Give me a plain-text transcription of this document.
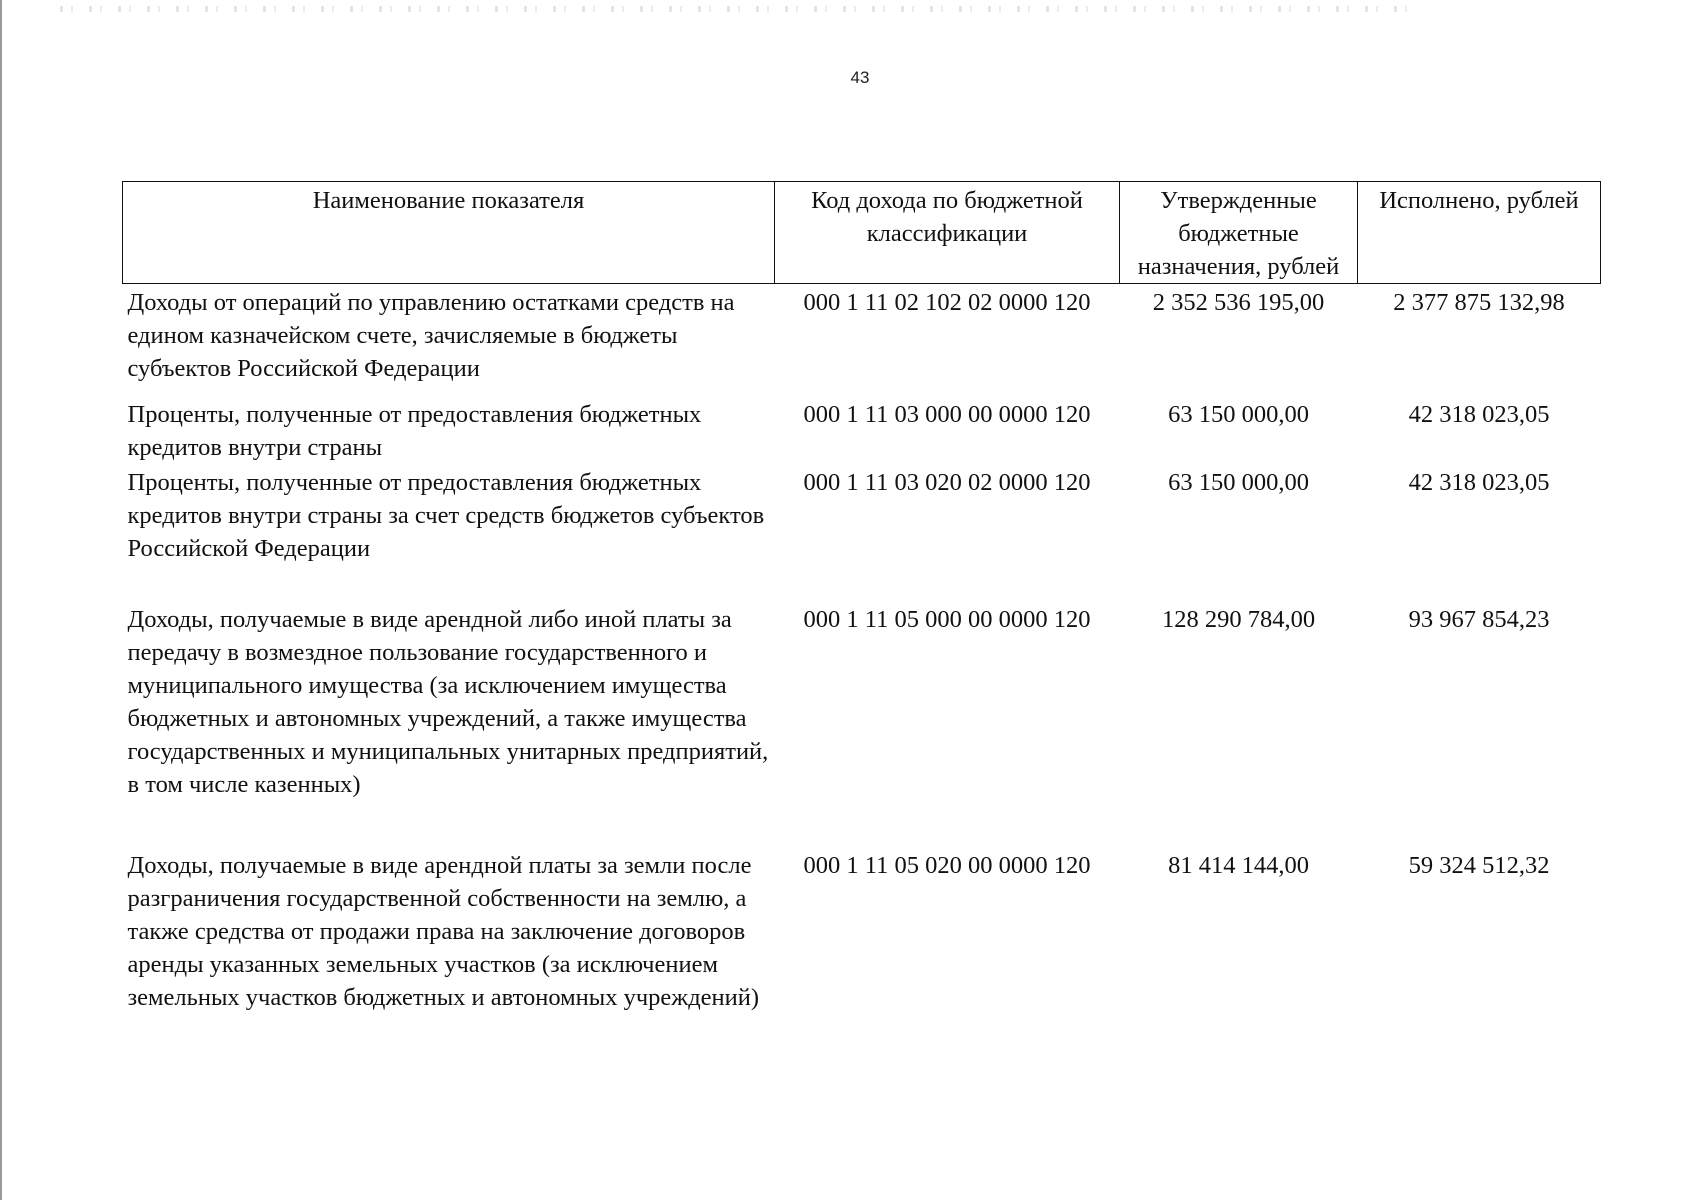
43
Наименование показателя	Код дохода по бюджетной классификации	Утвержденные бюджетные назначения, рублей	Исполнено, рублей
Доходы от операций по управлению остатками средств на едином казначейском счете, зачисляемые в бюджеты субъектов Российской Федерации	000 1 11 02 102 02 0000 120	2 352 536 195,00	2 377 875 132,98
Проценты, полученные от предоставления бюджетных кредитов внутри страны	000 1 11 03 000 00 0000 120	63 150 000,00	42 318 023,05
Проценты, полученные от предоставления бюджетных кредитов внутри страны за счет средств бюджетов субъектов Российской Федерации	000 1 11 03 020 02 0000 120	63 150 000,00	42 318 023,05
Доходы, получаемые в виде арендной либо иной платы за передачу в возмездное пользование государственного и муниципального имущества (за исключением имущества бюджетных и автономных учреждений, а также имущества государственных и муниципальных унитарных предприятий, в том числе казенных)	000 1 11 05 000 00 0000 120	128 290 784,00	93 967 854,23
Доходы, получаемые в виде арендной платы за земли после разграничения государственной собственности на землю, а также средства от продажи права на заключение договоров аренды указанных земельных участков (за исключением земельных участков бюджетных и автономных учреждений)	000 1 11 05 020 00 0000 120	81 414 144,00	59 324 512,32
